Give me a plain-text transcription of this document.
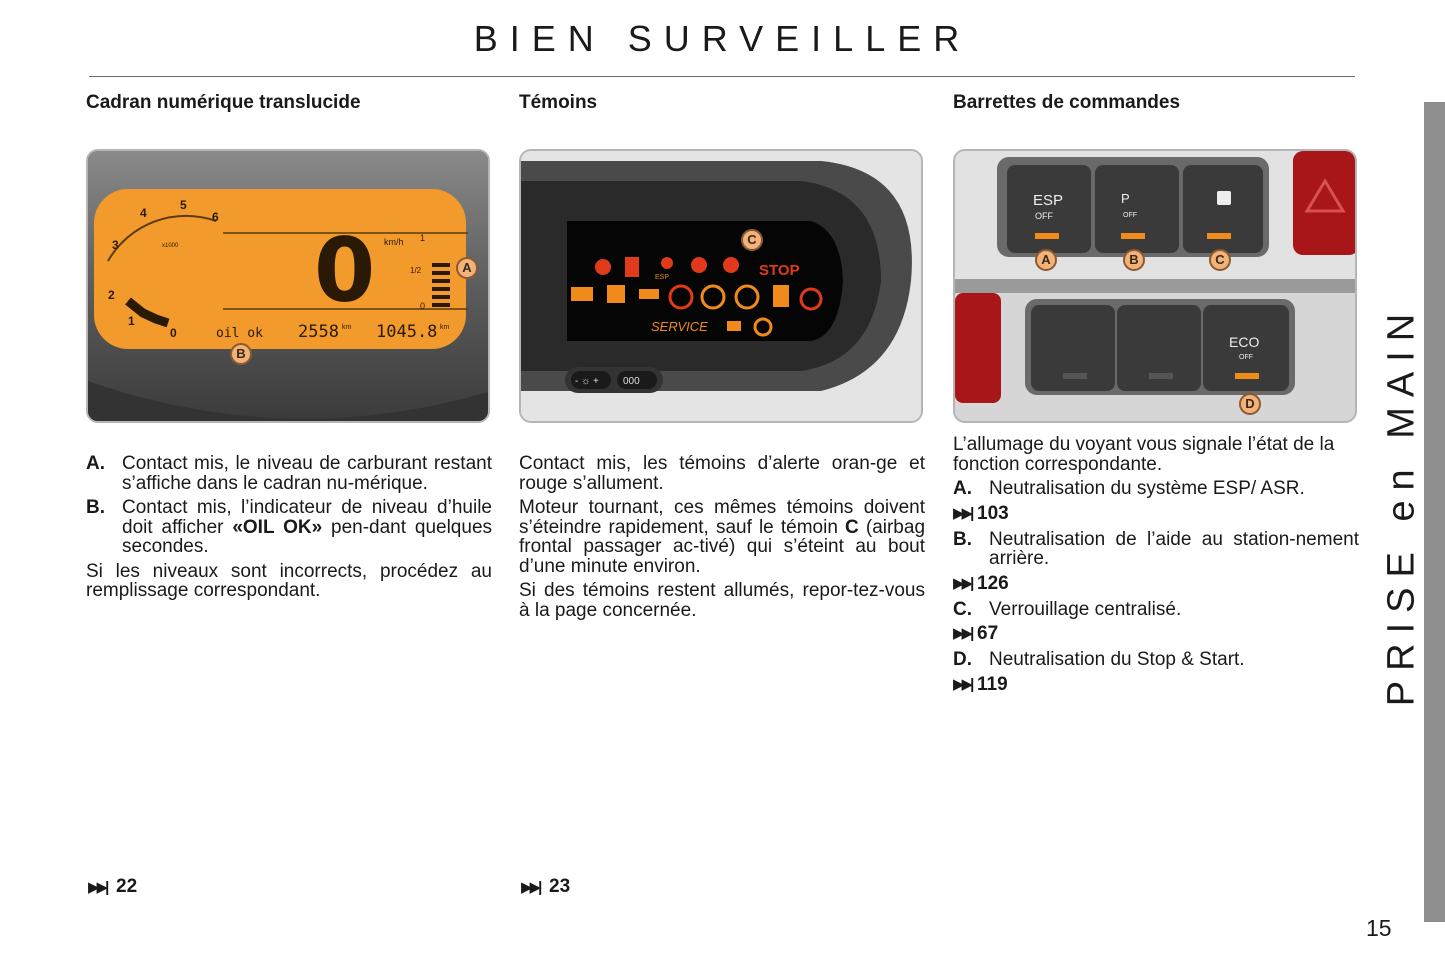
BIEN SURVEILLER
Cadran numérique translucide
0 km/h
x1000
2
3
4
5
6
1
0
1
1/2
0
oil ok 2558 km 1045.8 km
A
B
A. Contact mis, le niveau de carburant restant s’affiche dans le cadran nu-mérique.
B. Contact mis, l’indicateur de niveau d’huile doit afficher «OIL OK» pen-dant quelques secondes.
Si les niveaux sont incorrects, procédez au remplissage correspondant.
▶▶| 22
Témoins
STOP
ESP
SERVICE
- ☼ + 000
C
Contact mis, les témoins d’alerte oran-ge et rouge s’allument.
Moteur tournant, ces mêmes témoins doivent s’éteindre rapidement, sauf le témoin C (airbag frontal passager ac-tivé) qui s’éteint au bout d’une minute environ.
Si des témoins restent allumés, repor-tez-vous à la page concernée.
▶▶| 23
Barrettes de commandes
ESP
OFF
P
OFF
ECO
OFF
A	B	C
D
L’allumage du voyant vous signale l’état de la fonction correspondante.
A. Neutralisation du système ESP/ ASR.
▶▶| 103
B. Neutralisation de l’aide au station-nement arrière.
▶▶| 126
C. Verrouillage centralisé.
▶▶| 67
D. Neutralisation du Stop & Start.
▶▶| 119	PRISE en MAIN
15
